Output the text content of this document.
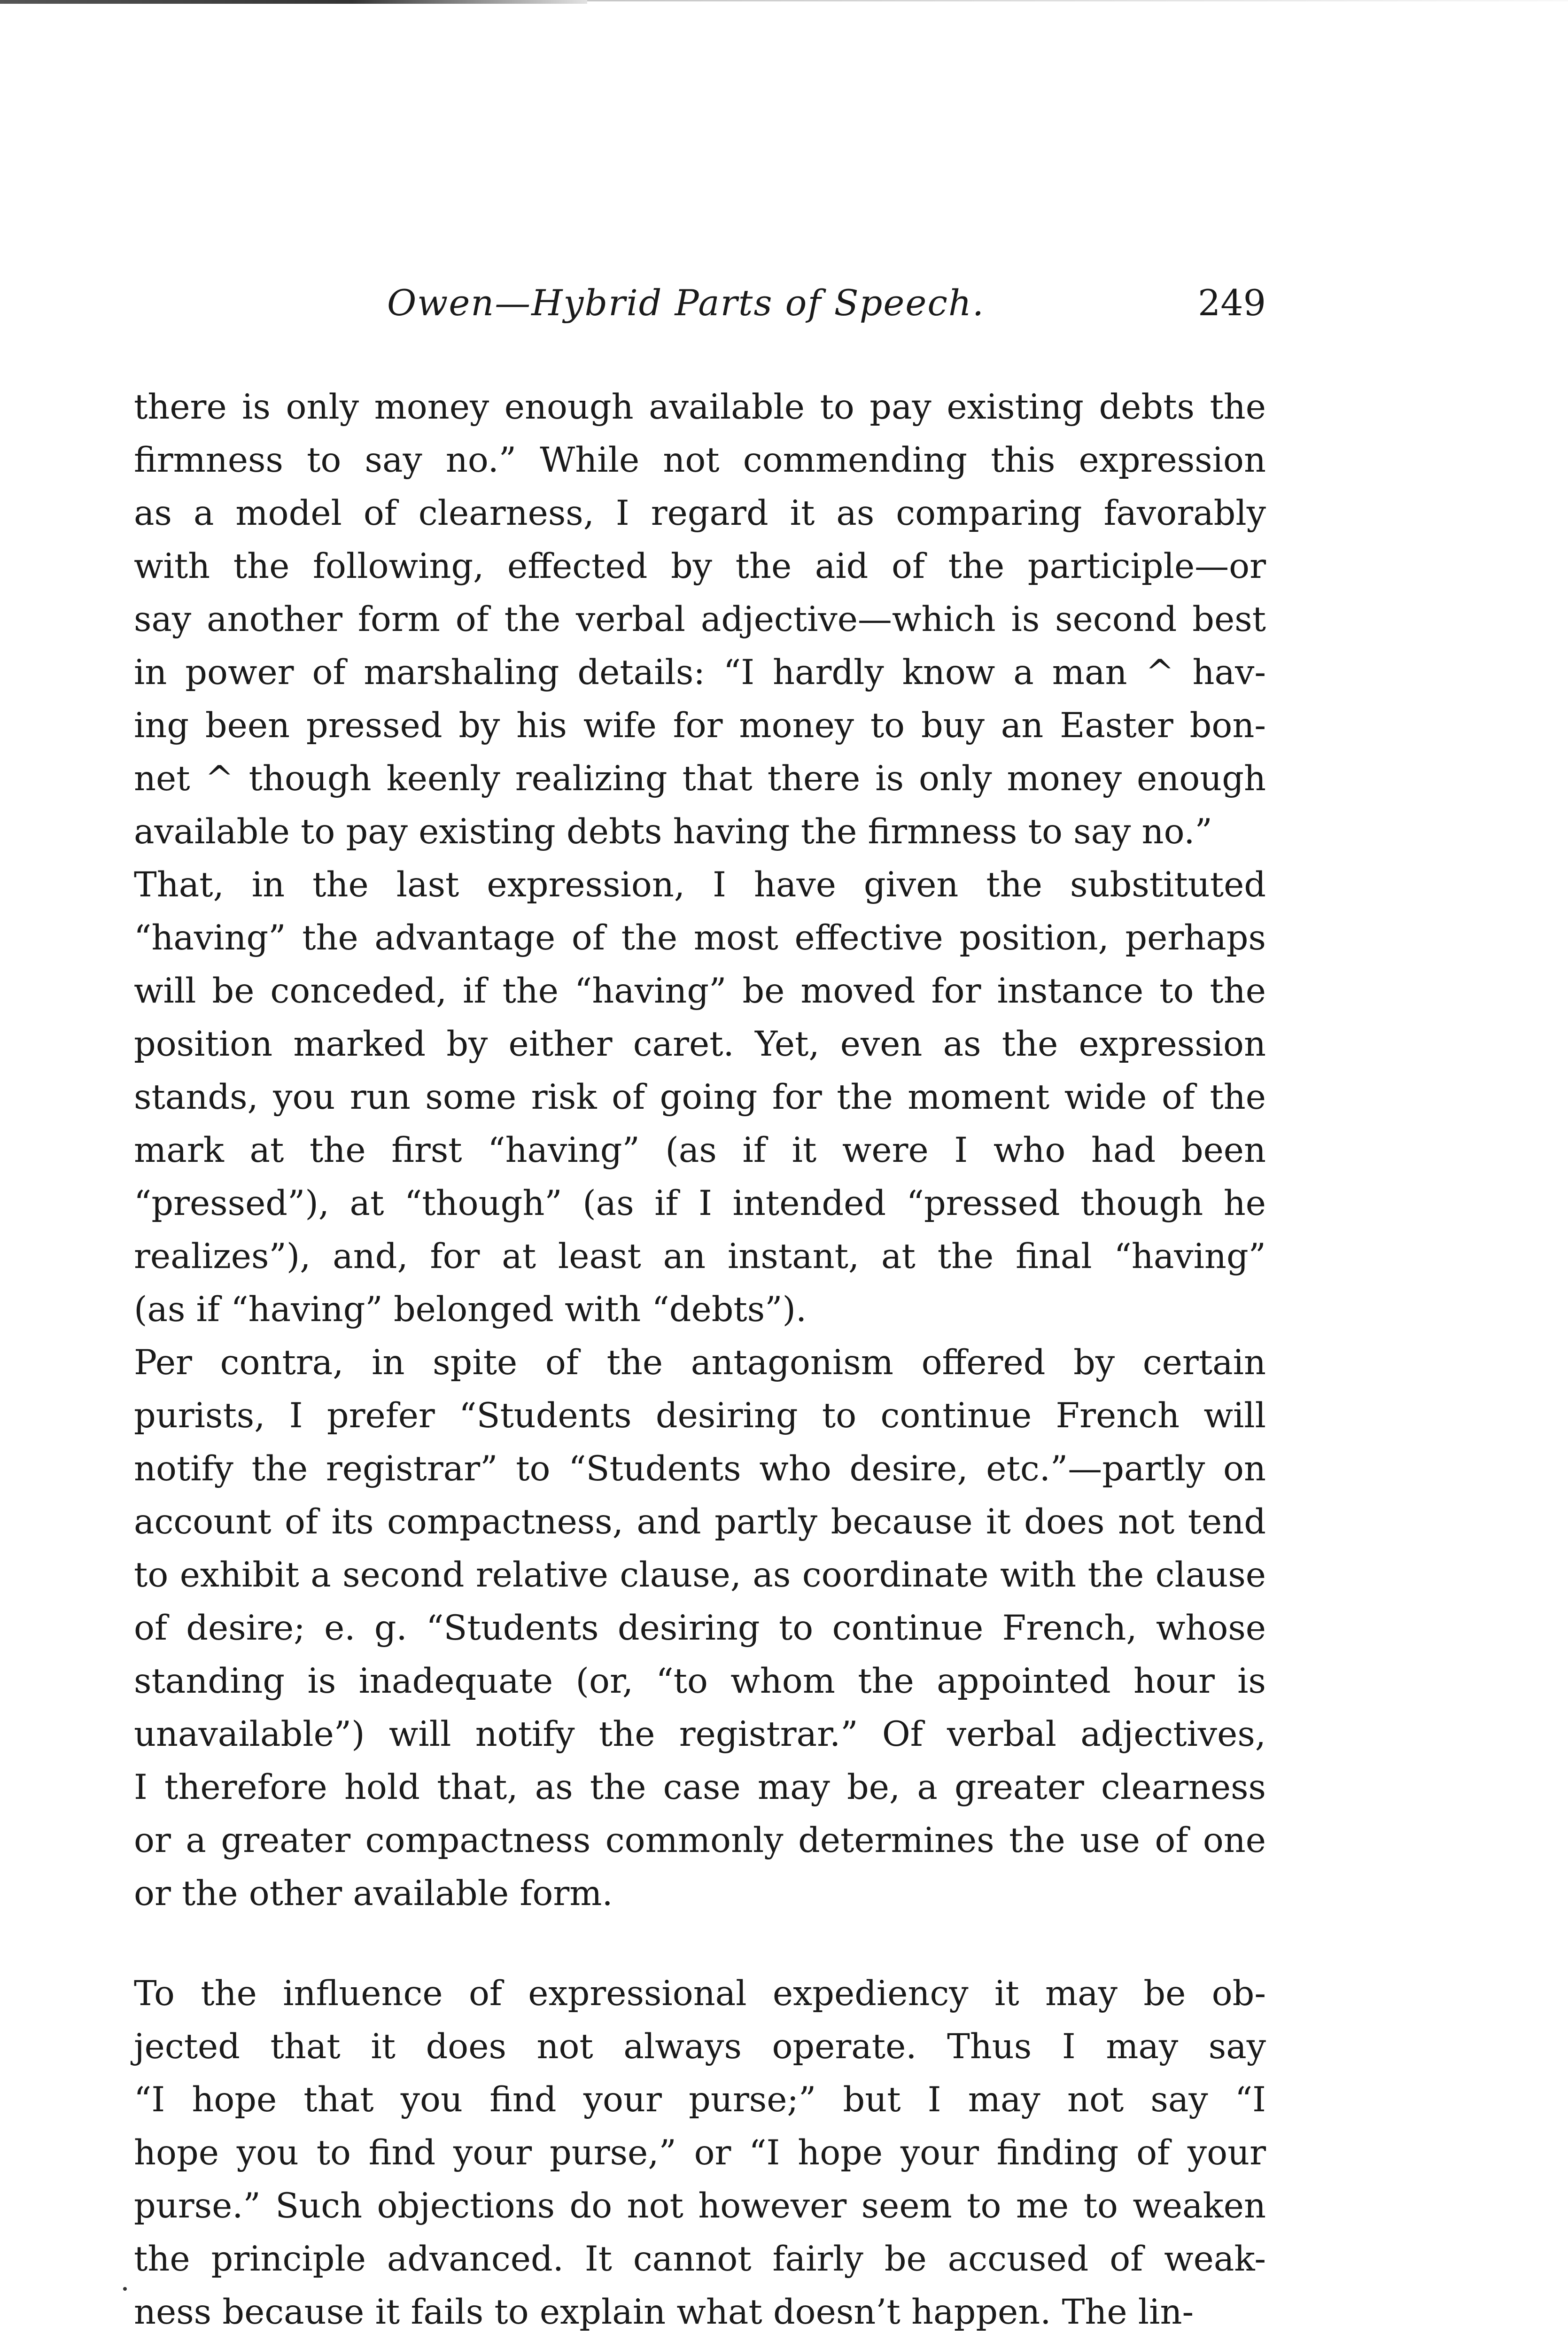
Owen—Hybrid Parts of Speech.	249
there is only money enough available to pay existing debts the
firmness to say no.” While not commending this expression
as a model of clearness, I regard it as comparing favorably
with the following, effected by the aid of the participle—or
say another form of the verbal adjective—which is second best
in power of marshaling details: “I hardly know a man ^ hav-
ing been pressed by his wife for money to buy an Easter bon-
net ^ though keenly realizing that there is only money enough
available to pay existing debts having the firmness to say no.”
That, in the last expression, I have given the substituted
“having” the advantage of the most effective position, perhaps
will be conceded, if the “having” be moved for instance to the
position marked by either caret. Yet, even as the expression
stands, you run some risk of going for the moment wide of the
mark at the first “having” (as if it were I who had been
“pressed”), at “though” (as if I intended “pressed though he
realizes”), and, for at least an instant, at the final “having”
(as if “having” belonged with “debts”).
Per contra, in spite of the antagonism offered by certain
purists, I prefer “Students desiring to continue French will
notify the registrar” to “Students who desire, etc.”—partly on
account of its compactness, and partly because it does not tend
to exhibit a second relative clause, as coordinate with the clause
of desire; e. g. “Students desiring to continue French, whose
standing is inadequate (or, “to whom the appointed hour is
unavailable”) will notify the registrar.” Of verbal adjectives,
I therefore hold that, as the case may be, a greater clearness
or a greater compactness commonly determines the use of one
or the other available form.
To the influence of expressional expediency it may be ob-
jected that it does not always operate. Thus I may say
“I hope that you find your purse;” but I may not say “I
hope you to find your purse,” or “I hope your finding of your
purse.” Such objections do not however seem to me to weaken
the principle advanced. It cannot fairly be accused of weak-
ness because it fails to explain what doesn’t happen. The lin-
